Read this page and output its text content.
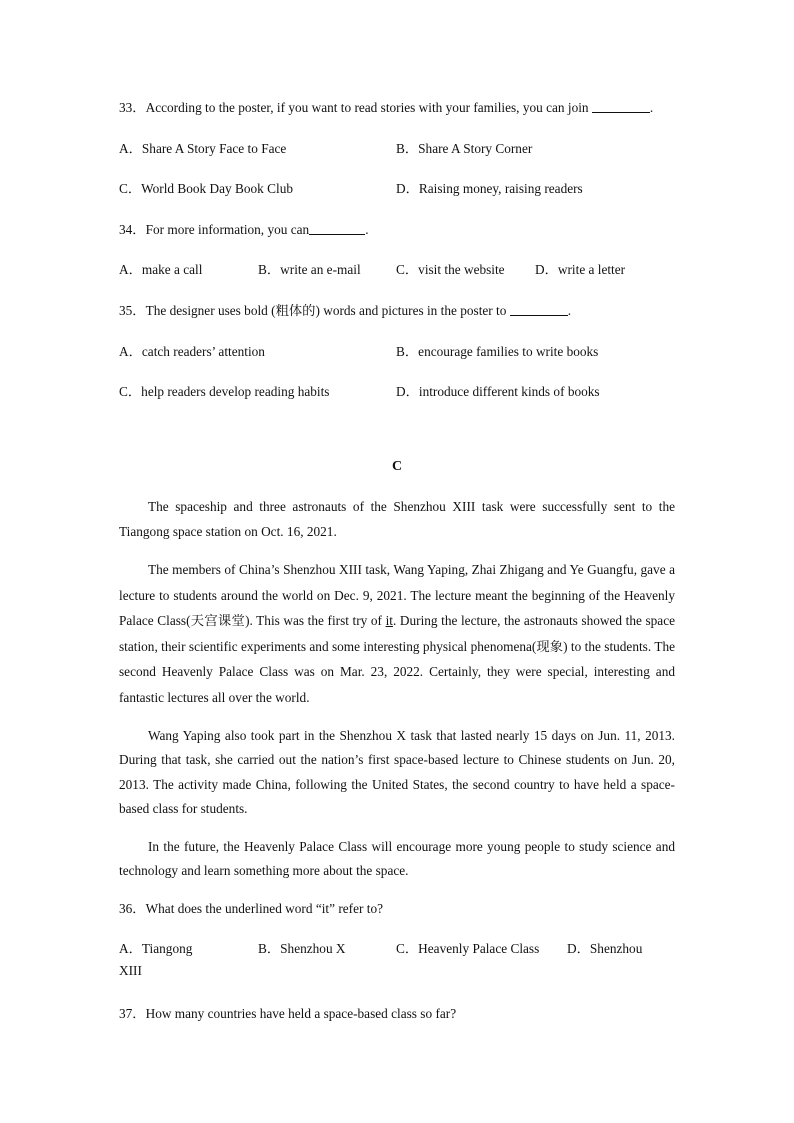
33．According to the poster, if you want to read stories with your families, you can join	.
A．Share A Story Face to Face	B．Share A Story Corner
C．World Book Day Book Club	D．Raising money, raising readers
34．For more information, you can	.
A．make a call	B．write an e-mail	C．visit the website D．write a letter
35．The designer uses bold (粗体的) words and pictures in the poster to	.
A．catch readers’ attention	B．encourage families to write books
C．help readers develop reading habits	D．introduce different kinds of books
C

The spaceship and three astronauts of the Shenzhou XIII task were successfully sent to the Tiangong space station on Oct. 16, 2021.

The members of China’s Shenzhou XIII task, Wang Yaping, Zhai Zhigang and Ye Guangfu, gave a lecture to students around the world on Dec. 9, 2021. The lecture meant the beginning of the Heavenly Palace Class(天宫课堂). This was the first try of it. During the lecture, the astronauts showed the space station, their scientific experiments and some interesting physical phenomena(现象) to the students. The second Heavenly Palace Class was on Mar. 23, 2022. Certainly, they were special, interesting and fantastic lectures all over the world.

Wang Yaping also took part in the Shenzhou X task that lasted nearly 15 days on Jun. 11, 2013. During that task, she carried out the nation’s first space-based lecture to Chinese students on Jun. 20, 2013. The activity made China, following the United States, the second country to have held a space-based class for students.

In the future, the Heavenly Palace Class will encourage more young people to study science and technology and learn something more about the space.

36．What does the underlined word “it” refer to?
A．Tiangong	B．Shenzhou X	C．Heavenly Palace Class D．Shenzhou
XIII
37．How many countries have held a space-based class so far?
